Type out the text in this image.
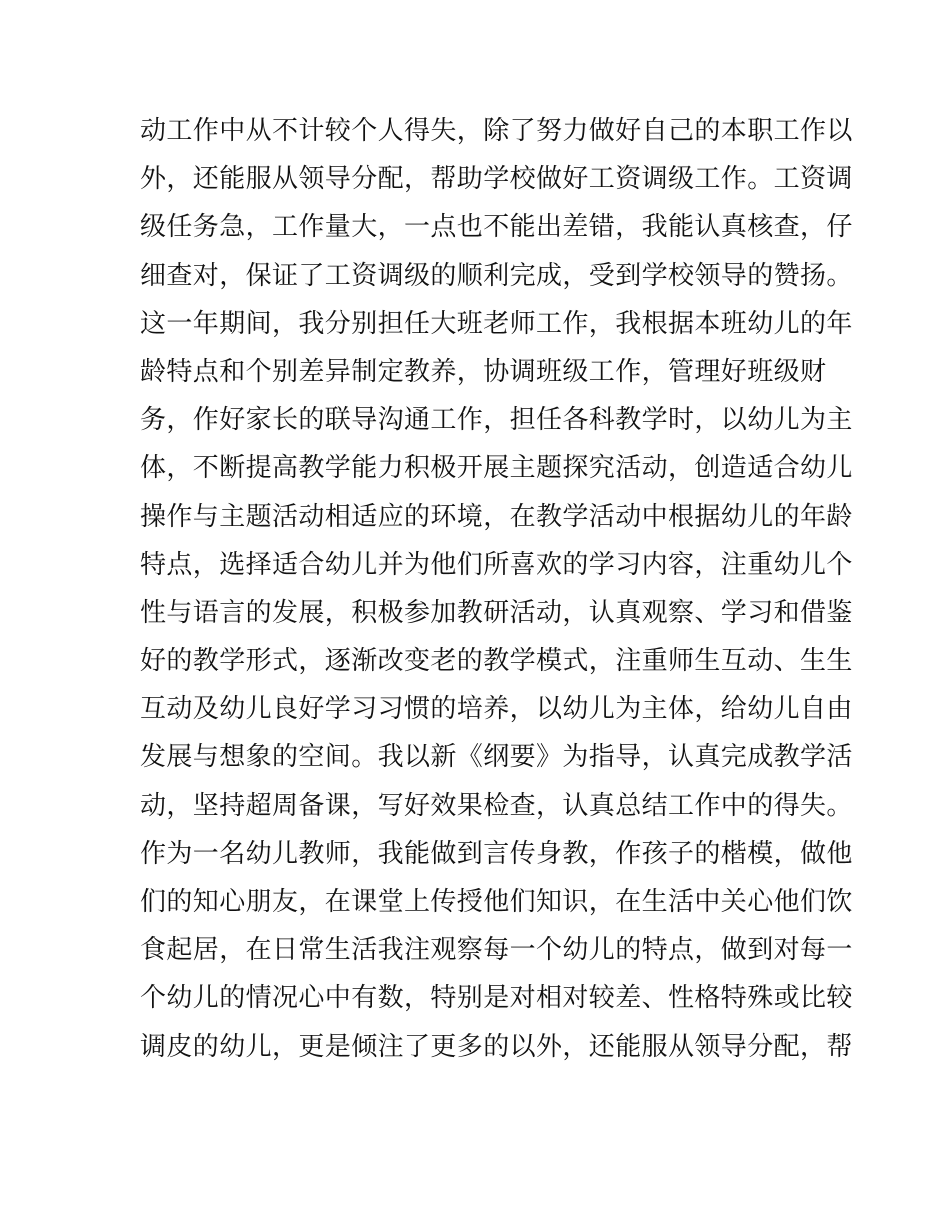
动工作中从不计较个人得失，除了努力做好自己的本职工作以
外，还能服从领导分配，帮助学校做好工资调级工作。工资调
级任务急，工作量大，一点也不能出差错，我能认真核查，仔
细查对，保证了工资调级的顺利完成，受到学校领导的赞扬。
这一年期间，我分别担任大班老师工作，我根据本班幼儿的年
龄特点和个别差异制定教养，协调班级工作，管理好班级财
务，作好家长的联导沟通工作，担任各科教学时，以幼儿为主
体，不断提高教学能力积极开展主题探究活动，创造适合幼儿
操作与主题活动相适应的环境，在教学活动中根据幼儿的年龄
特点，选择适合幼儿并为他们所喜欢的学习内容，注重幼儿个
性与语言的发展，积极参加教研活动，认真观察、学习和借鉴
好的教学形式，逐渐改变老的教学模式，注重师生互动、生生
互动及幼儿良好学习习惯的培养，以幼儿为主体，给幼儿自由
发展与想象的空间。我以新《纲要》为指导，认真完成教学活
动，坚持超周备课，写好效果检查，认真总结工作中的得失。
作为一名幼儿教师，我能做到言传身教，作孩子的楷模，做他
们的知心朋友，在课堂上传授他们知识，在生活中关心他们饮
食起居，在日常生活我注观察每一个幼儿的特点，做到对每一
个幼儿的情况心中有数，特别是对相对较差、性格特殊或比较
调皮的幼儿，更是倾注了更多的以外，还能服从领导分配，帮
